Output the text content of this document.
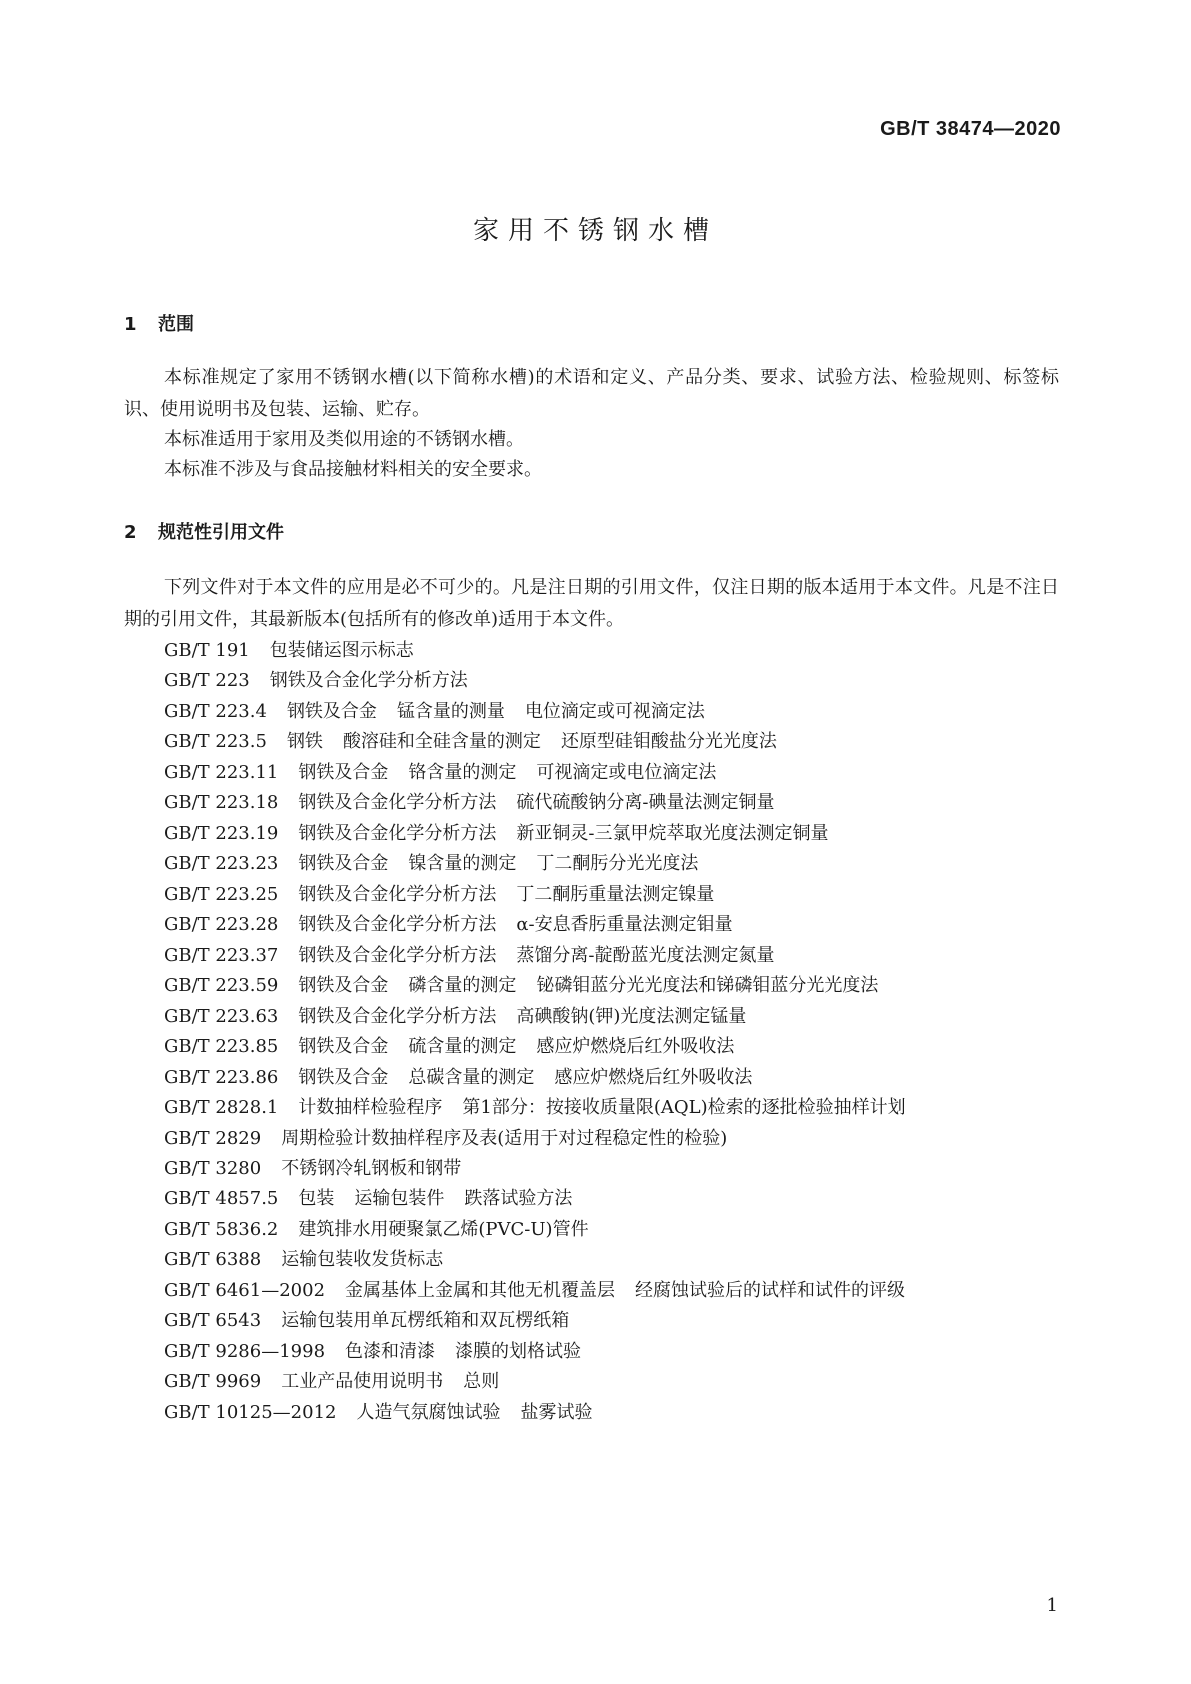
GB/T 38474—2020
家用不锈钢水槽
1 范围

本标准规定了家用不锈钢水槽(以下简称水槽)的术语和定义、产品分类、要求、试验方法、检验规则、标签标识、使用说明书及包装、运输、贮存。

本标准适用于家用及类似用途的不锈钢水槽。

本标准不涉及与食品接触材料相关的安全要求。

2 规范性引用文件

下列文件对于本文件的应用是必不可少的。凡是注日期的引用文件，仅注日期的版本适用于本文件。凡是不注日期的引用文件，其最新版本(包括所有的修改单)适用于本文件。

GB/T 191 包装储运图示标志
GB/T 223 钢铁及合金化学分析方法
GB/T 223.4 钢铁及合金 锰含量的测量 电位滴定或可视滴定法
GB/T 223.5 钢铁 酸溶硅和全硅含量的测定 还原型硅钼酸盐分光光度法
GB/T 223.11 钢铁及合金 铬含量的测定 可视滴定或电位滴定法
GB/T 223.18 钢铁及合金化学分析方法 硫代硫酸钠分离-碘量法测定铜量
GB/T 223.19 钢铁及合金化学分析方法 新亚铜灵-三氯甲烷萃取光度法测定铜量
GB/T 223.23 钢铁及合金 镍含量的测定 丁二酮肟分光光度法
GB/T 223.25 钢铁及合金化学分析方法 丁二酮肟重量法测定镍量
GB/T 223.28 钢铁及合金化学分析方法 α-安息香肟重量法测定钼量
GB/T 223.37 钢铁及合金化学分析方法 蒸馏分离-靛酚蓝光度法测定氮量
GB/T 223.59 钢铁及合金 磷含量的测定 铋磷钼蓝分光光度法和锑磷钼蓝分光光度法
GB/T 223.63 钢铁及合金化学分析方法 高碘酸钠(钾)光度法测定锰量
GB/T 223.85 钢铁及合金 硫含量的测定 感应炉燃烧后红外吸收法
GB/T 223.86 钢铁及合金 总碳含量的测定 感应炉燃烧后红外吸收法
GB/T 2828.1 计数抽样检验程序 第1部分：按接收质量限(AQL)检索的逐批检验抽样计划
GB/T 2829 周期检验计数抽样程序及表(适用于对过程稳定性的检验)
GB/T 3280 不锈钢冷轧钢板和钢带
GB/T 4857.5 包装 运输包装件 跌落试验方法
GB/T 5836.2 建筑排水用硬聚氯乙烯(PVC-U)管件
GB/T 6388 运输包装收发货标志
GB/T 6461—2002 金属基体上金属和其他无机覆盖层 经腐蚀试验后的试样和试件的评级
GB/T 6543 运输包装用单瓦楞纸箱和双瓦楞纸箱
GB/T 9286—1998 色漆和清漆 漆膜的划格试验
GB/T 9969 工业产品使用说明书 总则
GB/T 10125—2012 人造气氛腐蚀试验 盐雾试验
1
